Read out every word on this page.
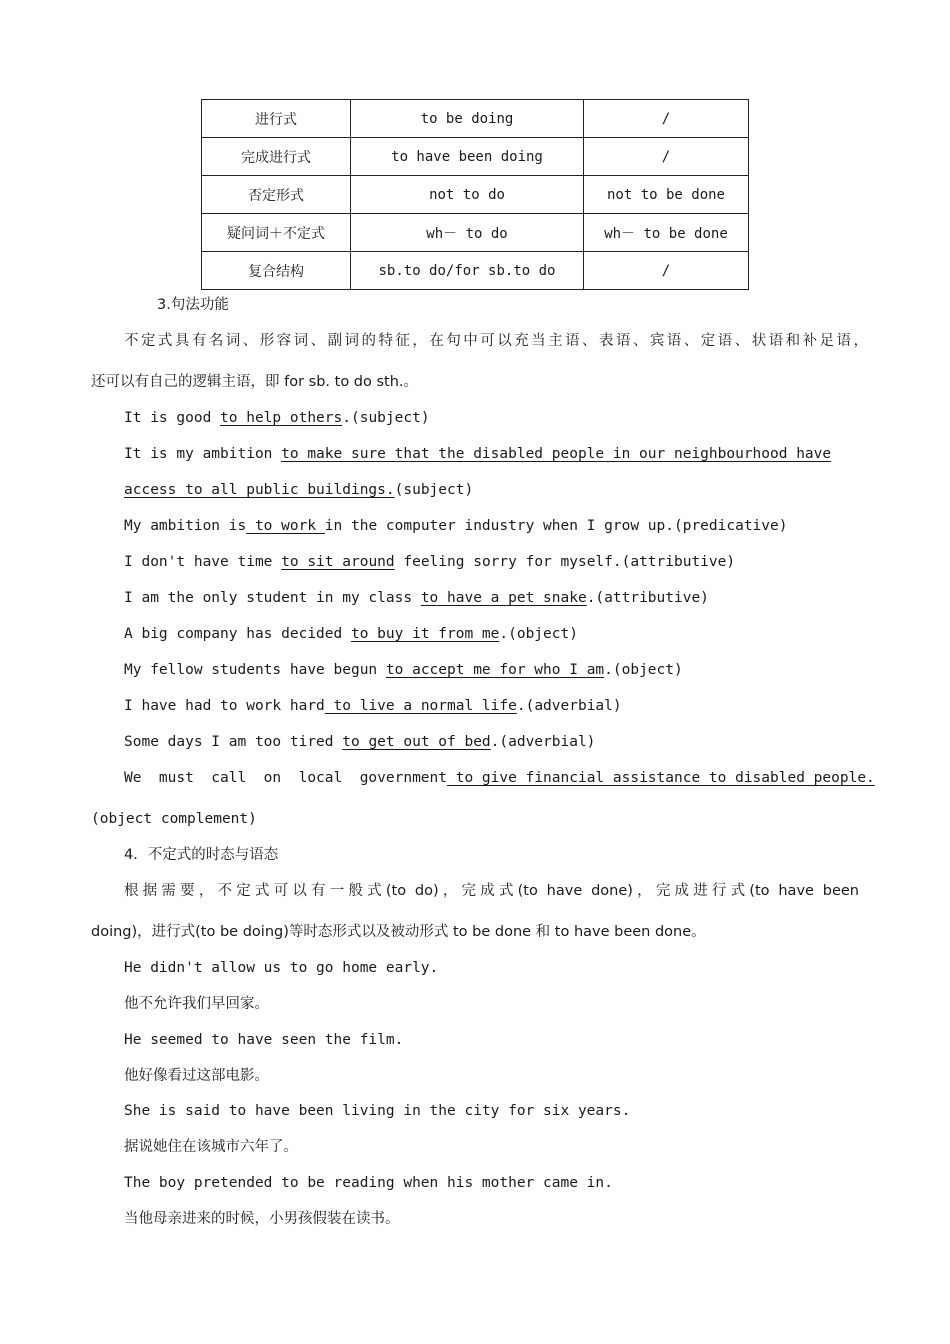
进行式	to be doing	/
完成进行式	to have been doing	/
否定形式	not to do	not to be done
疑问词＋不定式	wh－ to do	wh－ to be done
复合结构	sb.to do/for sb.to do	/
3.句法功能
不定式具有名词、形容词、副词的特征，在句中可以充当主语、表语、宾语、定语、状语和补足语，
还可以有自己的逻辑主语，即 for sb. to do sth.。
It is good to help others.(subject)
It is my ambition to make sure that the disabled people in our neighbourhood have
access to all public buildings.(subject)
My ambition is to work in the computer industry when I grow up.(predicative)
I don't have time to sit around feeling sorry for myself.(attributive)
I am the only student in my class to have a pet snake.(attributive)
A big company has decided to buy it from me.(object)
My fellow students have begun to accept me for who I am.(object)
I have had to work hard to live a normal life.(adverbial)
Some days I am too tired to get out of bed.(adverbial)
We  must  call  on  local  government to give financial assistance to disabled people.
(object complement)
4．不定式的时态与语态
根据需要，不定式可以有一般式(to do)，完成式(to have done)，完成进行式(to have been
doing)，进行式(to be doing)等时态形式以及被动形式 to be done 和 to have been done。
He didn't allow us to go home early.
他不允许我们早回家。
He seemed to have seen the film.
他好像看过这部电影。
She is said to have been living in the city for six years.
据说她住在该城市六年了。
The boy pretended to be reading when his mother came in.
当他母亲进来的时候，小男孩假装在读书。
